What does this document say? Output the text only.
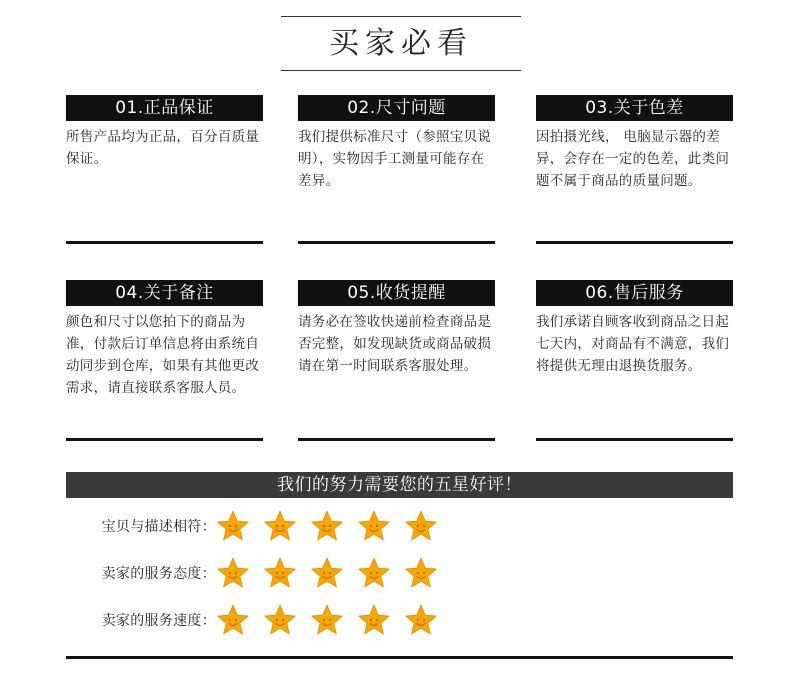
买家必看
01.正品保证
所售产品均为正品，百分百质量保证。
02.尺寸问题
我们提供标准尺寸（参照宝贝说明），实物因手工测量可能存在差异。
03.关于色差
因拍摄光线， 电脑显示器的差异，会存在一定的色差，此类问题不属于商品的质量问题。
04.关于备注
颜色和尺寸以您拍下的商品为准，付款后订单信息将由系统自动同步到仓库，如果有其他更改需求，请直接联系客服人员。
05.收货提醒
请务必在签收快递前检查商品是否完整，如发现缺货或商品破损请在第一时间联系客服处理。
06.售后服务
我们承诺自顾客收到商品之日起七天内，对商品有不满意，我们将提供无理由退换货服务。
我们的努力需要您的五星好评！
宝贝与描述相符：
卖家的服务态度：
卖家的服务速度：
